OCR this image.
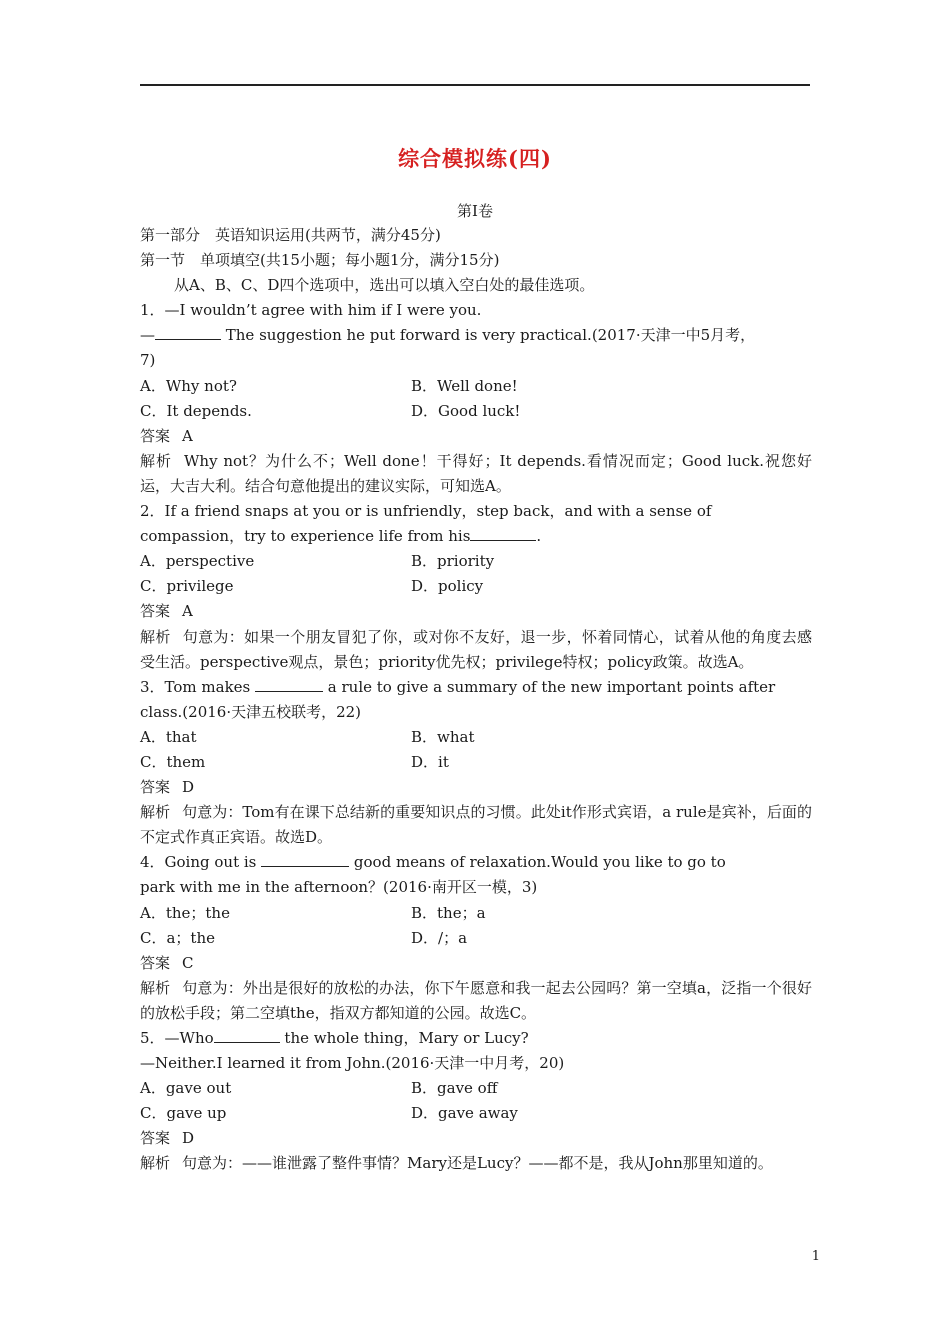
综合模拟练(四)
第Ⅰ卷
第一部分　英语知识运用(共两节，满分45分)
第一节　单项填空(共15小题；每小题1分，满分15分)
从A、B、C、D四个选项中，选出可以填入空白处的最佳选项。
1．—I wouldn’t agree with him if I were you.
—	The suggestion he put forward is very practical.(2017·天津一中5月考，
7)
A．Why not?	B．Well done!
C．It depends.	D．Good luck!
答案 A
解析 Why not？为什么不；Well done！干得好；It depends.看情况而定；Good luck.祝您好运，大吉大利。结合句意他提出的建议实际，可知选A。
2．If a friend snaps at you or is unfriendly，step back，and with a sense of
compassion，try to experience life from his	.
A．perspective	B．priority
C．privilege	D．policy
答案 A
解析 句意为：如果一个朋友冒犯了你，或对你不友好，退一步，怀着同情心，试着从他的角度去感受生活。perspective观点，景色；priority优先权；privilege特权；policy政策。故选A。
3．Tom makes	a rule to give a summary of the new important points after
class.(2016·天津五校联考，22)
A．that	B．what
C．them	D．it
答案 D
解析 句意为：Tom有在课下总结新的重要知识点的习惯。此处it作形式宾语，a rule是宾补，后面的不定式作真正宾语。故选D。
4．Going out is	good means of relaxation.Would you like to go to
park with me in the afternoon？(2016·南开区一模，3)
A．the；the	B．the；a
C．a；the	D．/；a
答案 C
解析 句意为：外出是很好的放松的办法，你下午愿意和我一起去公园吗？第一空填a，泛指一个很好的放松手段；第二空填the，指双方都知道的公园。故选C。
5．—Who	the whole thing，Mary or Lucy?
—Neither.I learned it from John.(2016·天津一中月考，20)
A．gave out	B．gave off
C．gave up	D．gave away
答案 D
解析 句意为：——谁泄露了整件事情？Mary还是Lucy？——都不是，我从John那里知道的。
1
